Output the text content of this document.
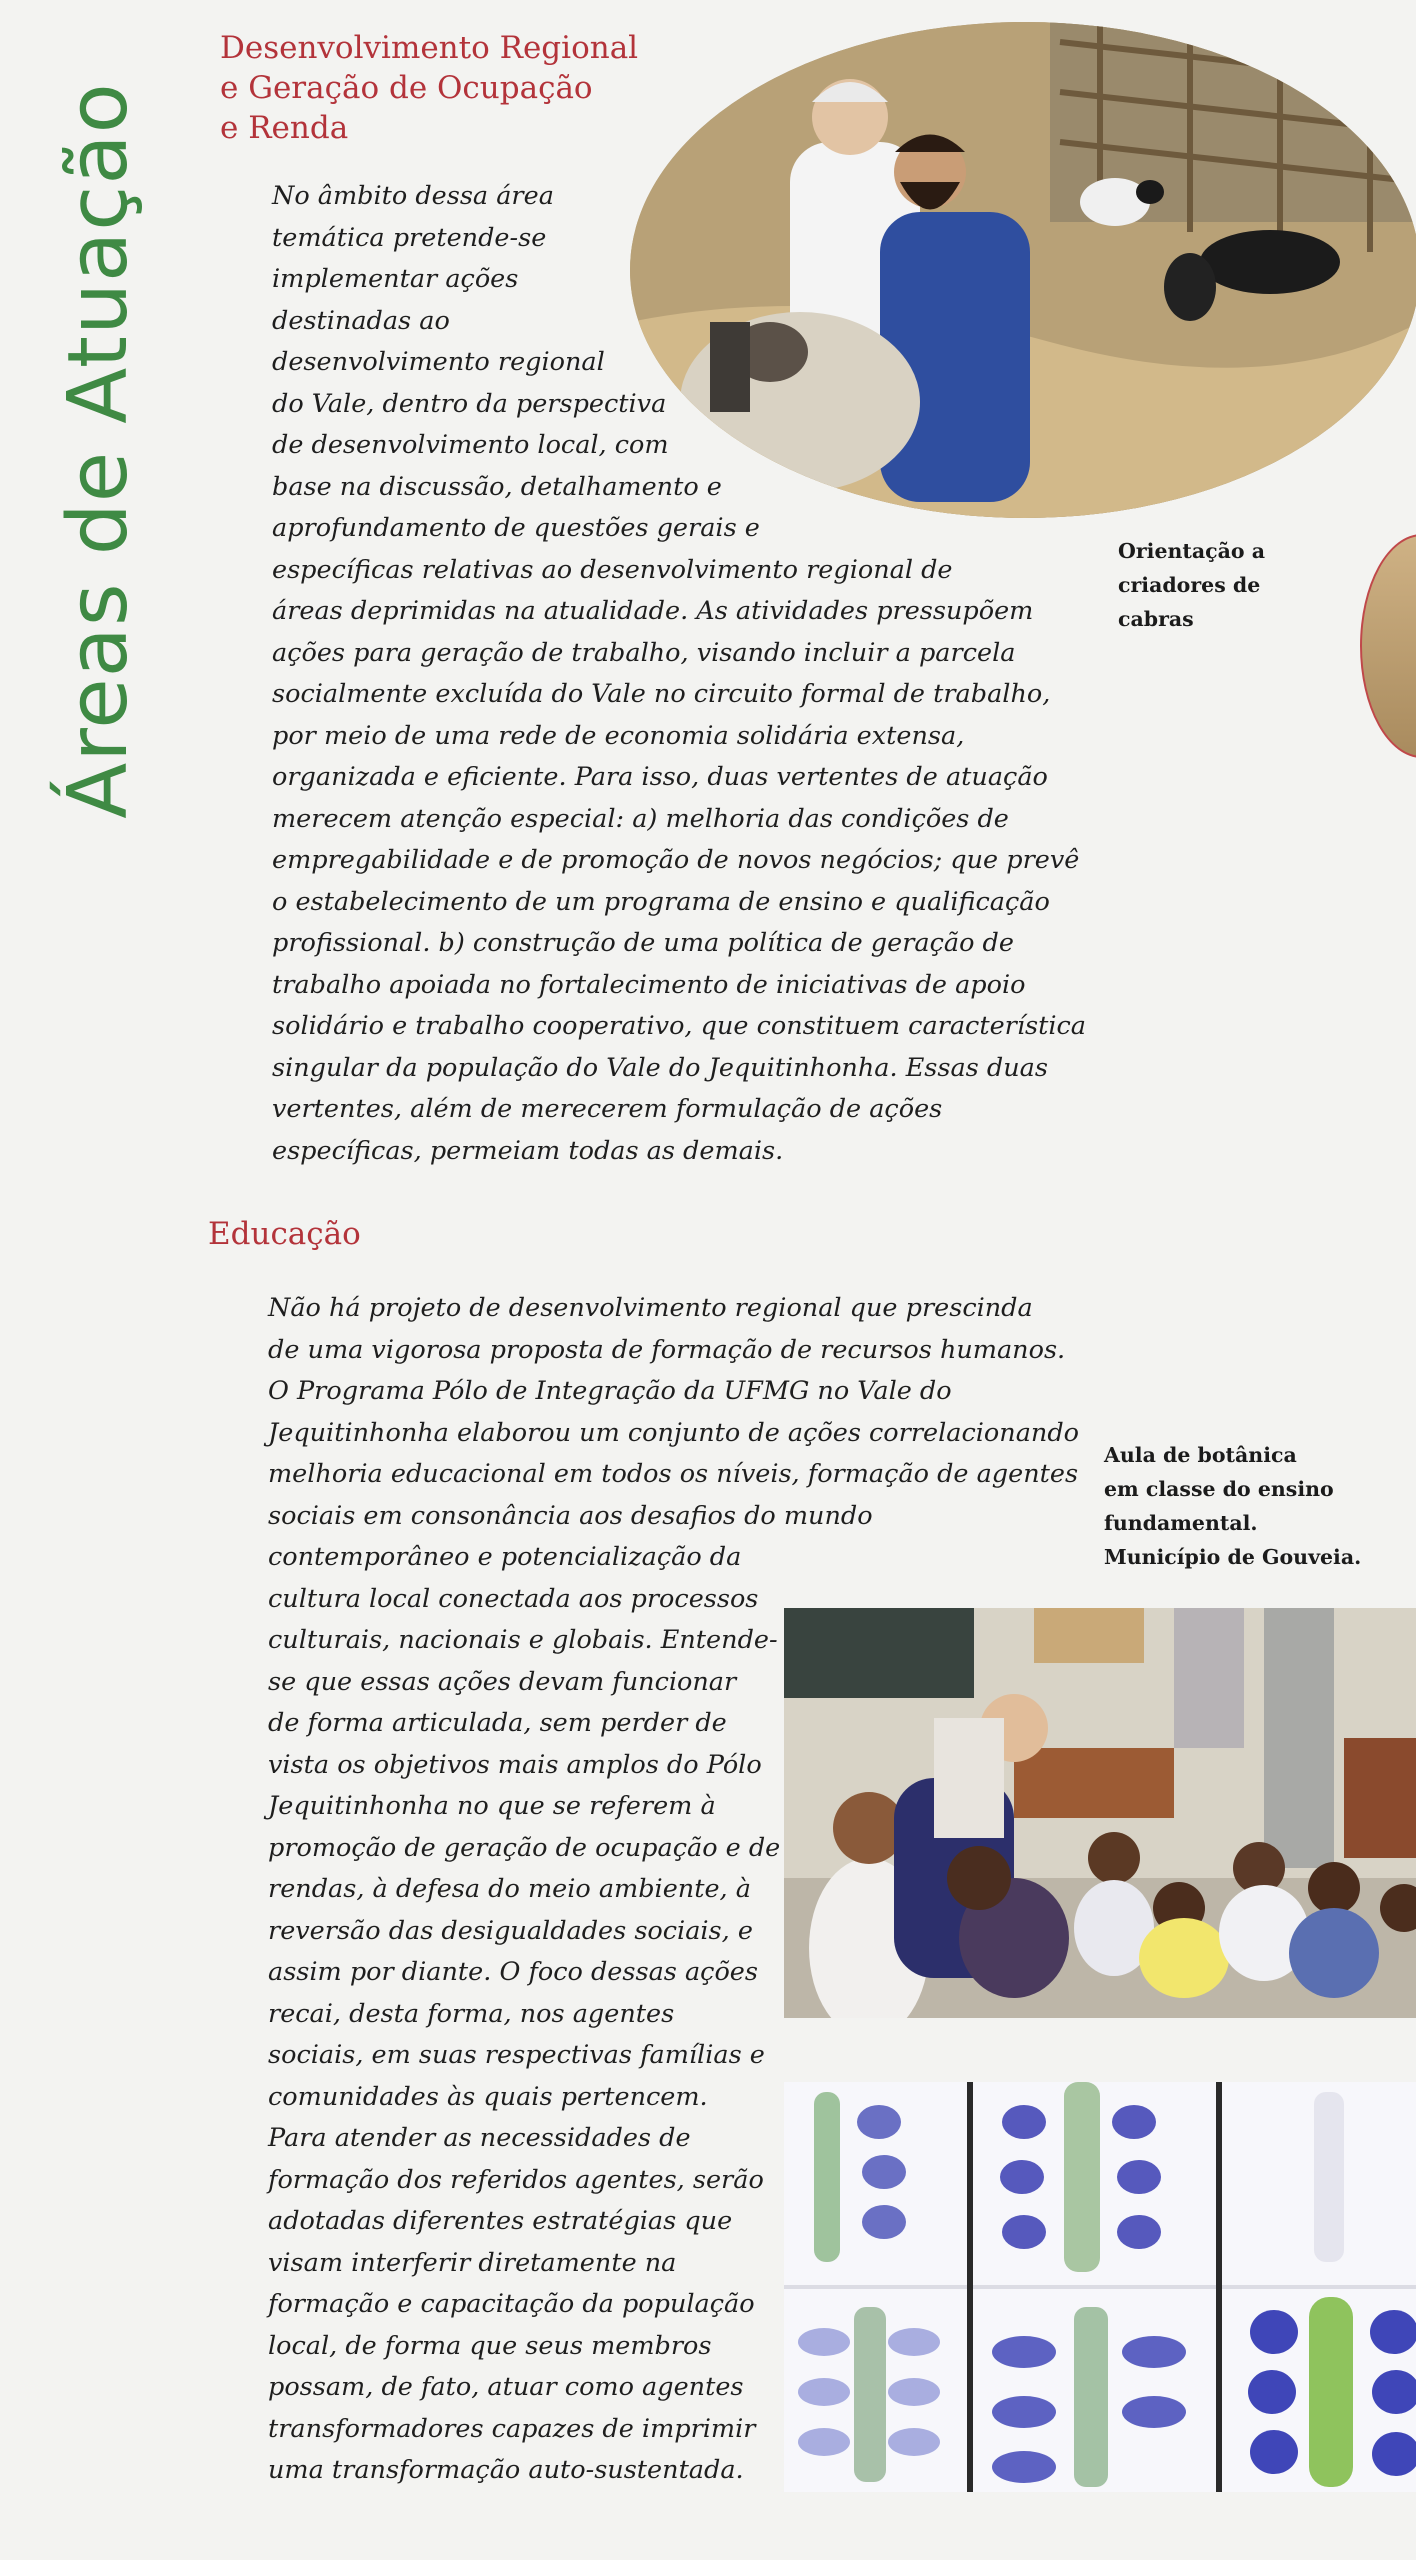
Áreas de Atuação
Desenvolvimento Regional
e Geração de Ocupação
e Renda

No âmbito dessa área
temática pretende-se
implementar ações
destinadas ao
desenvolvimento regional
do Vale, dentro da perspectiva
de desenvolvimento local, com
base na discussão, detalhamento e
aprofundamento de questões gerais e
específicas relativas ao desenvolvimento regional de
áreas deprimidas na atualidade. As atividades pressupõem
ações para geração de trabalho, visando incluir a parcela
socialmente excluída do Vale no circuito formal de trabalho,
por meio de uma rede de economia solidária extensa,
organizada e eficiente. Para isso, duas vertentes de atuação
merecem atenção especial: a) melhoria das condições de
empregabilidade e de promoção de novos negócios; que prevê
o estabelecimento de um programa de ensino e qualificação
profissional. b) construção de uma política de geração de
trabalho apoiada no fortalecimento de iniciativas de apoio
solidário e trabalho cooperativo, que constituem característica
singular da população do Vale do Jequitinhonha. Essas duas
vertentes, além de merecerem formulação de ações
específicas, permeiam todas as demais.

Orientação a
criadores de
cabras

Educação

Não há projeto de desenvolvimento regional que prescinda
de uma vigorosa proposta de formação de recursos humanos.
O Programa Pólo de Integração da UFMG no Vale do
Jequitinhonha elaborou um conjunto de ações correlacionando
melhoria educacional em todos os níveis, formação de agentes
sociais em consonância aos desafios do mundo
contemporâneo e potencialização da
cultura local conectada aos processos
culturais, nacionais e globais. Entende-
se que essas ações devam funcionar
de forma articulada, sem perder de
vista os objetivos mais amplos do Pólo
Jequitinhonha no que se referem à
promoção de geração de ocupação e de
rendas, à defesa do meio ambiente, à
reversão das desigualdades sociais, e
assim por diante. O foco dessas ações
recai, desta forma, nos agentes
sociais, em suas respectivas famílias e
comunidades às quais pertencem.
Para atender as necessidades de
formação dos referidos agentes, serão
adotadas diferentes estratégias que
visam interferir diretamente na
formação e capacitação da população
local, de forma que seus membros
possam, de fato, atuar como agentes
transformadores capazes de imprimir
uma transformação auto-sustentada.

Aula de botânica
em classe do ensino
fundamental.
Município de Gouveia.
